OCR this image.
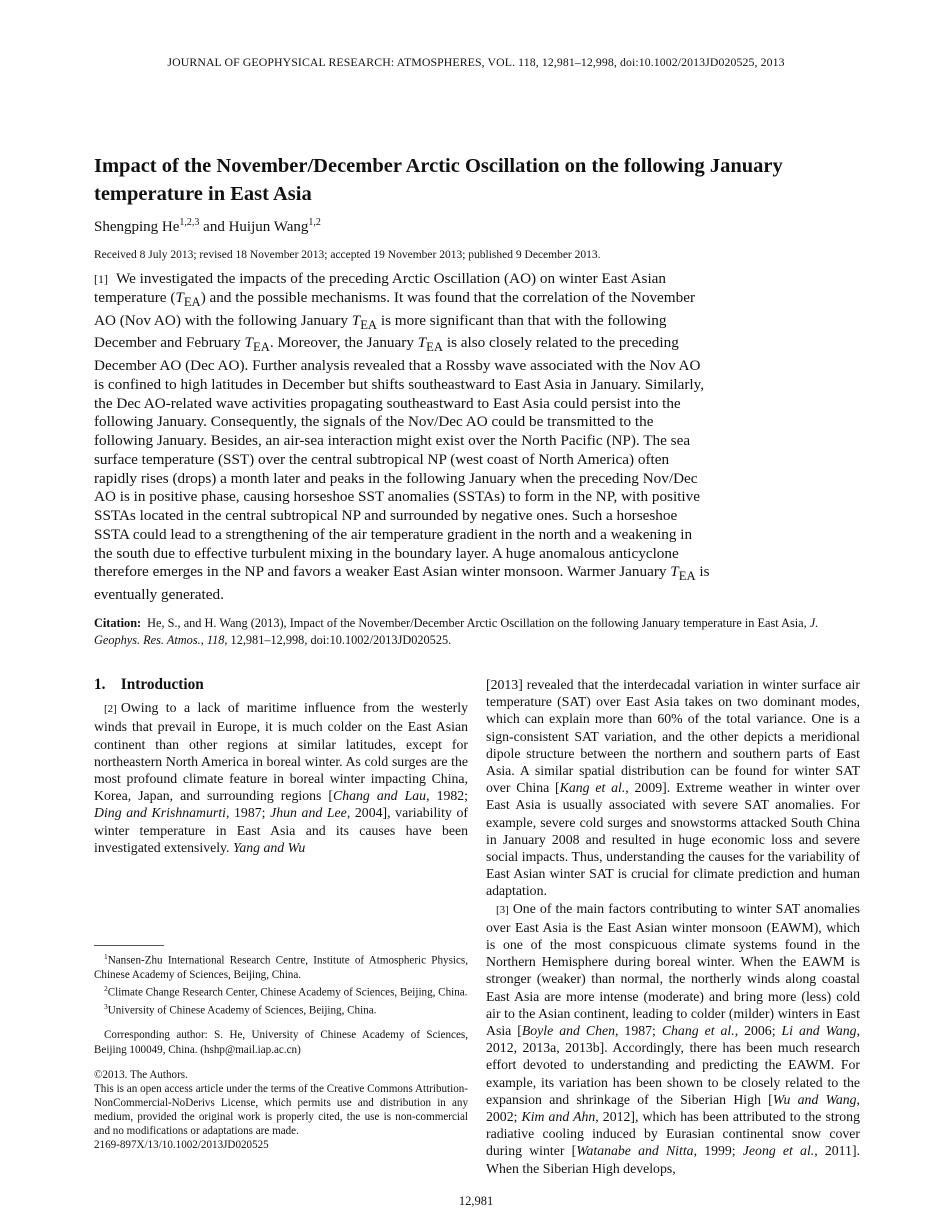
JOURNAL OF GEOPHYSICAL RESEARCH: ATMOSPHERES, VOL. 118, 12,981–12,998, doi:10.1002/2013JD020525, 2013
Impact of the November/December Arctic Oscillation on the following January temperature in East Asia
Shengping He$^{1,2,3}$ and Huijun Wang$^{1,2}$
Received 8 July 2013; revised 18 November 2013; accepted 19 November 2013; published 9 December 2013.
[1] We investigated the impacts of the preceding Arctic Oscillation (AO) on winter East Asian temperature $(T_{EA})$ and the possible mechanisms. It was found that the correlation of the November AO (Nov AO) with the following January $T_{EA}$ is more significant than that with the following December and February $T_{EA}$. Moreover, the January $T_{EA}$ is also closely related to the preceding December AO (Dec AO). Further analysis revealed that a Rossby wave associated with the Nov AO is confined to high latitudes in December but shifts southeastward to East Asia in January. Similarly, the Dec AO-related wave activities propagating southeastward to East Asia could persist into the following January. Consequently, the signals of the Nov/Dec AO could be transmitted to the following January. Besides, an air-sea interaction might exist over the North Pacific (NP). The sea surface temperature (SST) over the central subtropical NP (west coast of North America) often rapidly rises (drops) a month later and peaks in the following January when the preceding Nov/Dec AO is in positive phase, causing horseshoe SST anomalies (SSTAs) to form in the NP, with positive SSTAs located in the central subtropical NP and surrounded by negative ones. Such a horseshoe SSTA could lead to a strengthening of the air temperature gradient in the north and a weakening in the south due to effective turbulent mixing in the boundary layer. A huge anomalous anticyclone therefore emerges in the NP and favors a weaker East Asian winter monsoon. Warmer January $T_{EA}$ is eventually generated.
Citation: He, S., and H. Wang (2013), Impact of the November/December Arctic Oscillation on the following January temperature in East Asia, J. Geophys. Res. Atmos., 118, 12,981–12,998, doi:10.1002/2013JD020525.
1.    Introduction

[2] Owing to a lack of maritime influence from the westerly winds that prevail in Europe, it is much colder on the East Asian continent than other regions at similar latitudes, except for northeastern North America in boreal winter. As cold surges are the most profound climate feature in boreal winter impacting China, Korea, Japan, and surrounding regions [Chang and Lau, 1982; Ding and Krishnamurti, 1987; Jhun and Lee, 2004], variability of winter temperature in East Asia and its causes have been investigated extensively. Yang and Wu

[2013] revealed that the interdecadal variation in winter surface air temperature (SAT) over East Asia takes on two dominant modes, which can explain more than 60% of the total variance. One is a sign-consistent SAT variation, and the other depicts a meridional dipole structure between the northern and southern parts of East Asia. A similar spatial distribution can be found for winter SAT over China [Kang et al., 2009]. Extreme weather in winter over East Asia is usually associated with severe SAT anomalies. For example, severe cold surges and snowstorms attacked South China in January 2008 and resulted in huge economic loss and severe social impacts. Thus, understanding the causes for the variability of East Asian winter SAT is crucial for climate prediction and human adaptation.

[3] One of the main factors contributing to winter SAT anomalies over East Asia is the East Asian winter monsoon (EAWM), which is one of the most conspicuous climate systems found in the Northern Hemisphere during boreal winter. When the EAWM is stronger (weaker) than normal, the northerly winds along coastal East Asia are more intense (moderate) and bring more (less) cold air to the Asian continent, leading to colder (milder) winters in East Asia [Boyle and Chen, 1987; Chang et al., 2006; Li and Wang, 2012, 2013a, 2013b]. Accordingly, there has been much research effort devoted to understanding and predicting the EAWM. For example, its variation has been shown to be closely related to the expansion and shrinkage of the Siberian High [Wu and Wang, 2002; Kim and Ahn, 2012], which has been attributed to the strong radiative cooling induced by Eurasian continental snow cover during winter [Watanabe and Nitta, 1999; Jeong et al., 2011]. When the Siberian High develops,

$^1$Nansen-Zhu International Research Centre, Institute of Atmospheric Physics, Chinese Academy of Sciences, Beijing, China.

$^2$Climate Change Research Center, Chinese Academy of Sciences, Beijing, China.

$^3$University of Chinese Academy of Sciences, Beijing, China.

Corresponding author: S. He, University of Chinese Academy of Sciences, Beijing 100049, China. (hshp@mail.iap.ac.cn)

©2013. The Authors.

This is an open access article under the terms of the Creative Commons Attribution-NonCommercial-NoDerivs License, which permits use and distribution in any medium, provided the original work is properly cited, the use is non-commercial and no modifications or adaptations are made.

2169-897X/13/10.1002/2013JD020525

12,981
